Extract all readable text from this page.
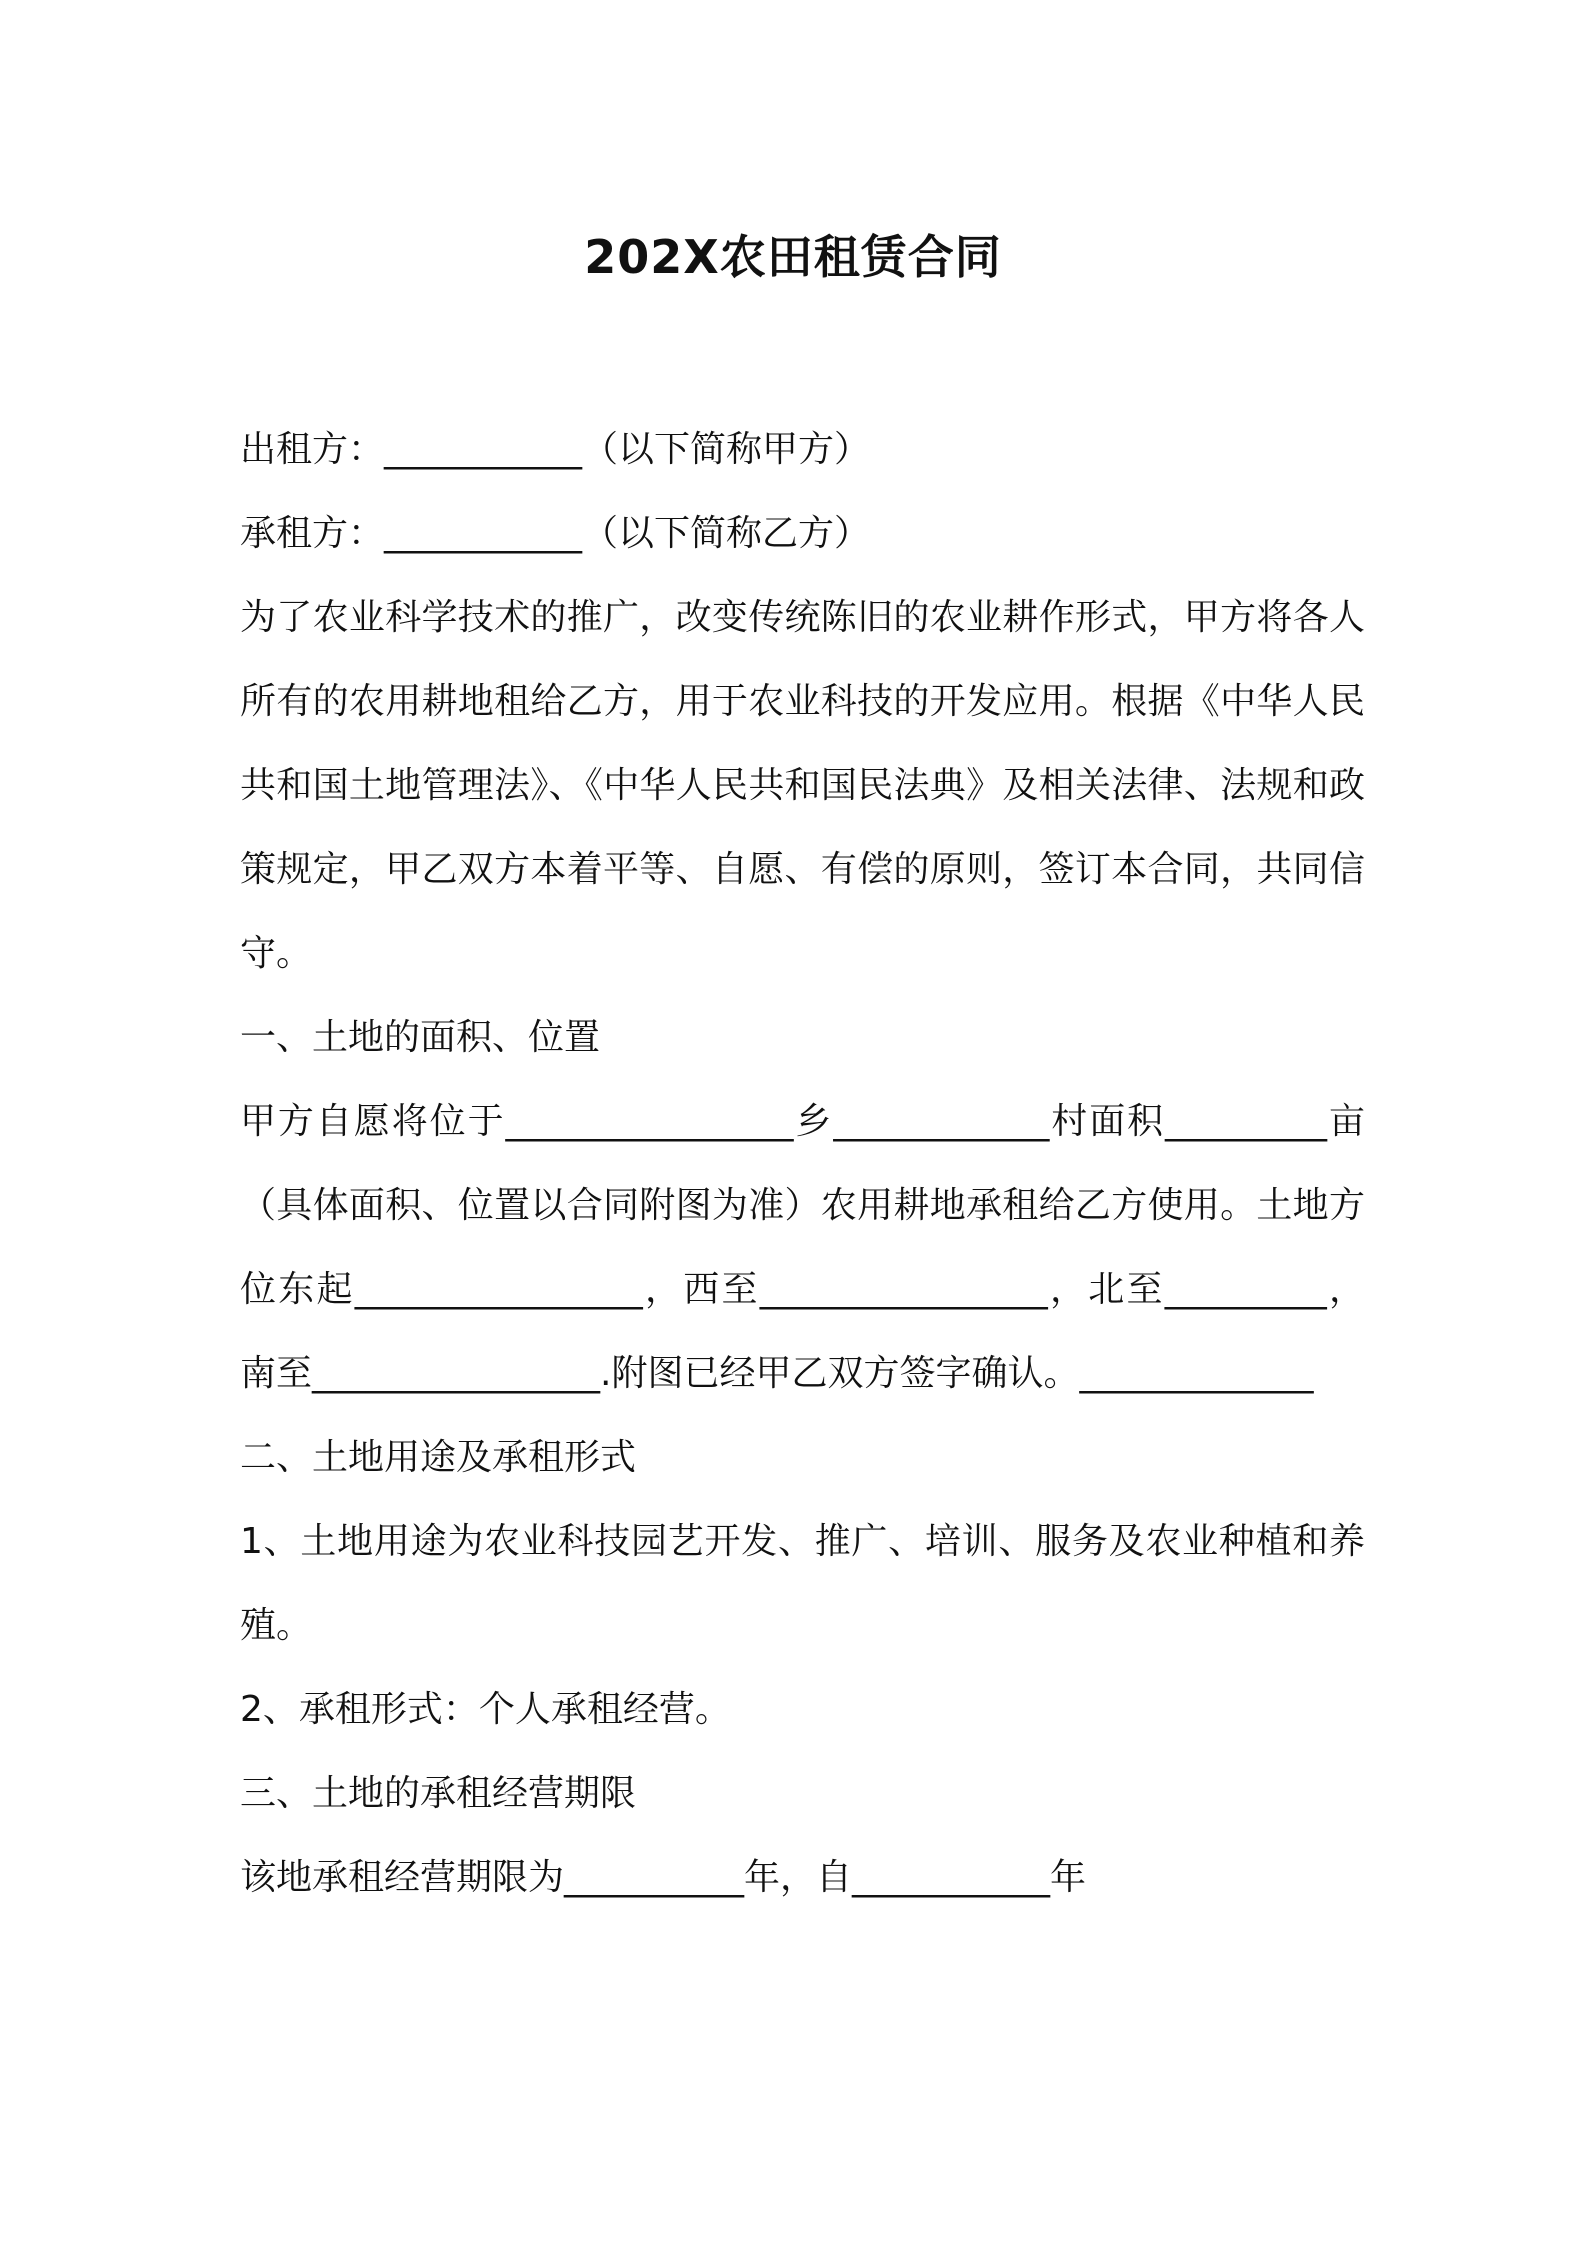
202X农田租赁合同

出租方：___________（以下简称甲方）

承租方：___________（以下简称乙方）

为了农业科学技术的推广，改变传统陈旧的农业耕作形式，甲方将各人所有的农用耕地租给乙方，用于农业科技的开发应用。根据《中华人民共和国土地管理法》、《中华人民共和国民法典》及相关法律、法规和政策规定，甲乙双方本着平等、自愿、有偿的原则，签订本合同，共同信守。

一、土地的面积、位置

甲方自愿将位于________________乡____________村面积_________亩（具体面积、位置以合同附图为准）农用耕地承租给乙方使用。土地方位东起________________，西至________________，北至_________，南至________________.附图已经甲乙双方签字确认。_____________

二、土地用途及承租形式

1、土地用途为农业科技园艺开发、推广、培训、服务及农业种植和养殖。

2、承租形式：个人承租经营。

三、土地的承租经营期限

该地承租经营期限为__________年，自___________年
